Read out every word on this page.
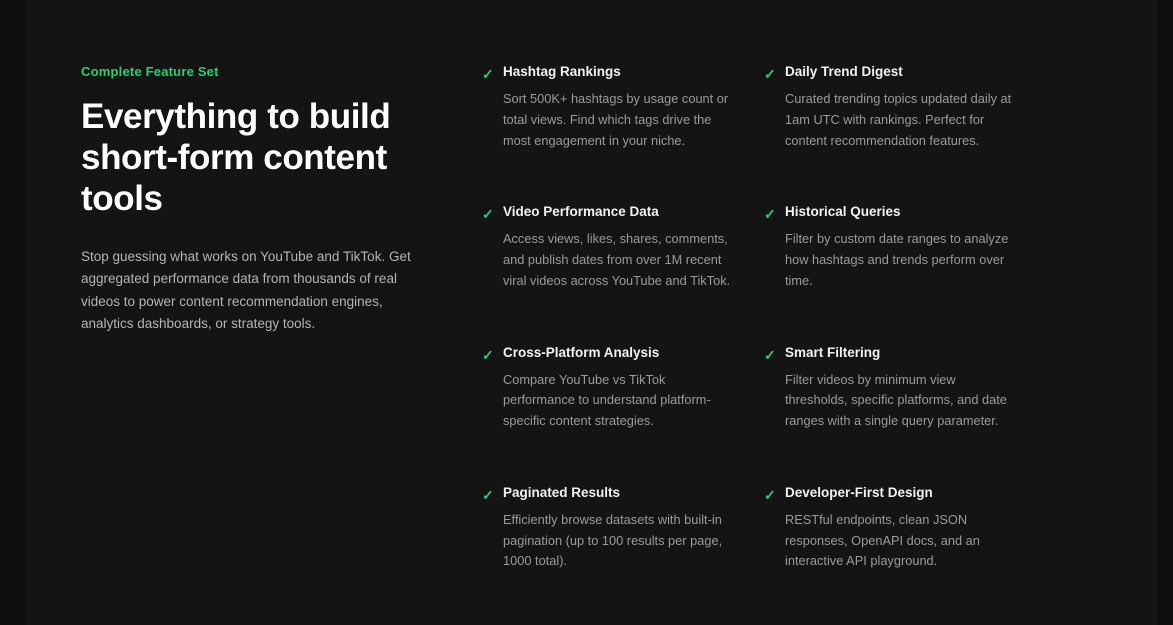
Complete Feature Set
Everything to build short-form content tools

Stop guessing what works on YouTube and TikTok. Get aggregated performance data from thousands of real videos to power content recommendation engines, analytics dashboards, or strategy tools.

✓ Hashtag Rankings

Sort 500K+ hashtags by usage count or total views. Find which tags drive the most engagement in your niche.

✓ Daily Trend Digest

Curated trending topics updated daily at 1am UTC with rankings. Perfect for content recommendation features.

✓ Video Performance Data

Access views, likes, shares, comments, and publish dates from over 1M recent viral videos across YouTube and TikTok.

✓ Historical Queries

Filter by custom date ranges to analyze how hashtags and trends perform over time.

✓ Cross-Platform Analysis

Compare YouTube vs TikTok performance to understand platform-specific content strategies.

✓ Smart Filtering

Filter videos by minimum view thresholds, specific platforms, and date ranges with a single query parameter.

✓ Paginated Results

Efficiently browse datasets with built-in pagination (up to 100 results per page, 1000 total).

✓ Developer-First Design

RESTful endpoints, clean JSON responses, OpenAPI docs, and an interactive API playground.
